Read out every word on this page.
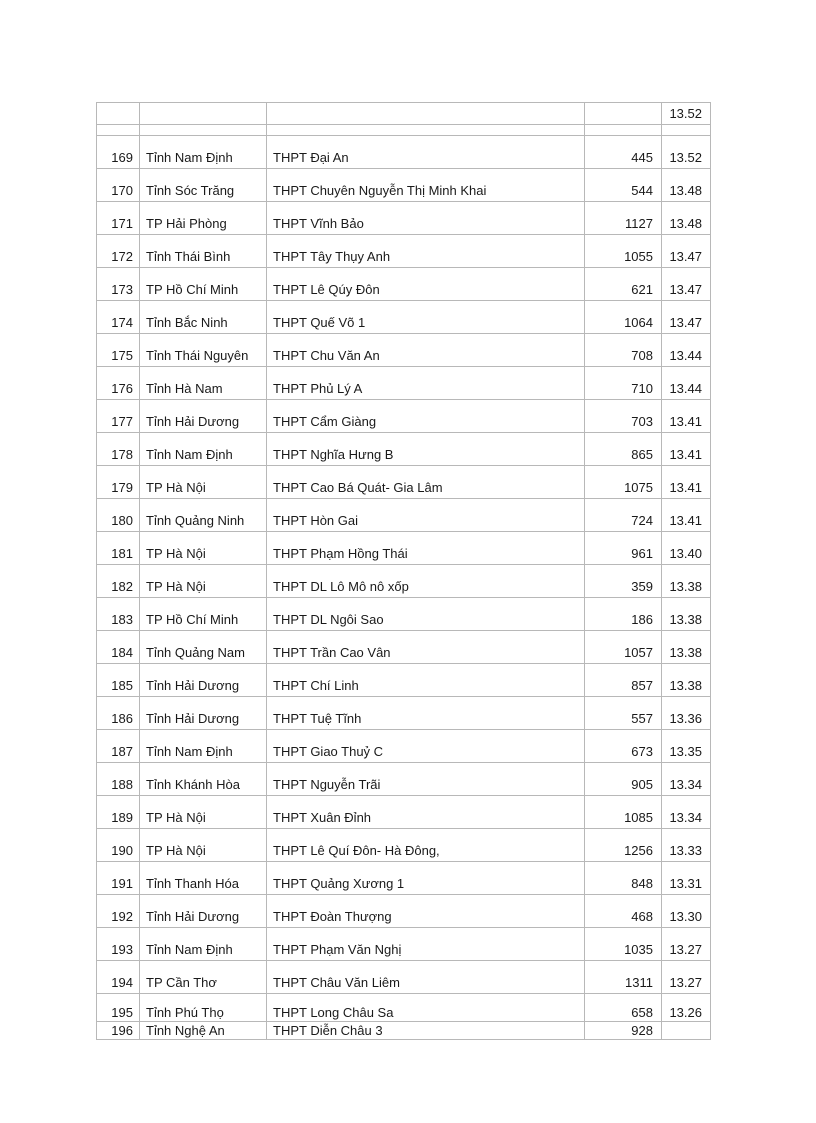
				13.52

169	Tỉnh Nam Định	THPT Đại An	445	13.52
170	Tỉnh Sóc Trăng	THPT Chuyên Nguyễn Thị Minh Khai	544	13.48
171	TP Hải Phòng	THPT Vĩnh Bảo	1127	13.48
172	Tỉnh Thái Bình	THPT Tây Thụy Anh	1055	13.47
173	TP Hồ Chí Minh	THPT Lê Qúy Đôn	621	13.47
174	Tỉnh Bắc Ninh	THPT Quế Võ 1	1064	13.47
175	Tỉnh Thái Nguyên	THPT Chu Văn An	708	13.44
176	Tỉnh Hà Nam	THPT Phủ Lý A	710	13.44
177	Tỉnh Hải Dương	THPT Cẩm Giàng	703	13.41
178	Tỉnh Nam Định	THPT Nghĩa Hưng B	865	13.41
179	TP Hà Nội	THPT Cao Bá Quát- Gia Lâm	1075	13.41
180	Tỉnh Quảng Ninh	THPT Hòn Gai	724	13.41
181	TP Hà Nội	THPT Phạm Hồng Thái	961	13.40
182	TP Hà Nội	THPT DL Lô Mô nô xốp	359	13.38
183	TP Hồ Chí Minh	THPT DL Ngôi Sao	186	13.38
184	Tỉnh Quảng Nam	THPT Trần Cao Vân	1057	13.38
185	Tỉnh Hải Dương	THPT Chí Linh	857	13.38
186	Tỉnh Hải Dương	THPT Tuệ Tĩnh	557	13.36
187	Tỉnh Nam Định	THPT Giao Thuỷ C	673	13.35
188	Tỉnh Khánh Hòa	THPT Nguyễn Trãi	905	13.34
189	TP Hà Nội	THPT Xuân Đỉnh	1085	13.34
190	TP Hà Nội	THPT Lê Quí Đôn- Hà Đông,	1256	13.33
191	Tỉnh Thanh Hóa	THPT Quảng Xương 1	848	13.31
192	Tỉnh Hải Dương	THPT Đoàn Thượng	468	13.30
193	Tỉnh Nam Định	THPT Phạm Văn Nghị	1035	13.27
194	TP Cần Thơ	THPT Châu Văn Liêm	1311	13.27
195	Tỉnh Phú Thọ	THPT Long Châu Sa	658	13.26
196	Tỉnh Nghệ An	THPT Diễn Châu 3	928	
